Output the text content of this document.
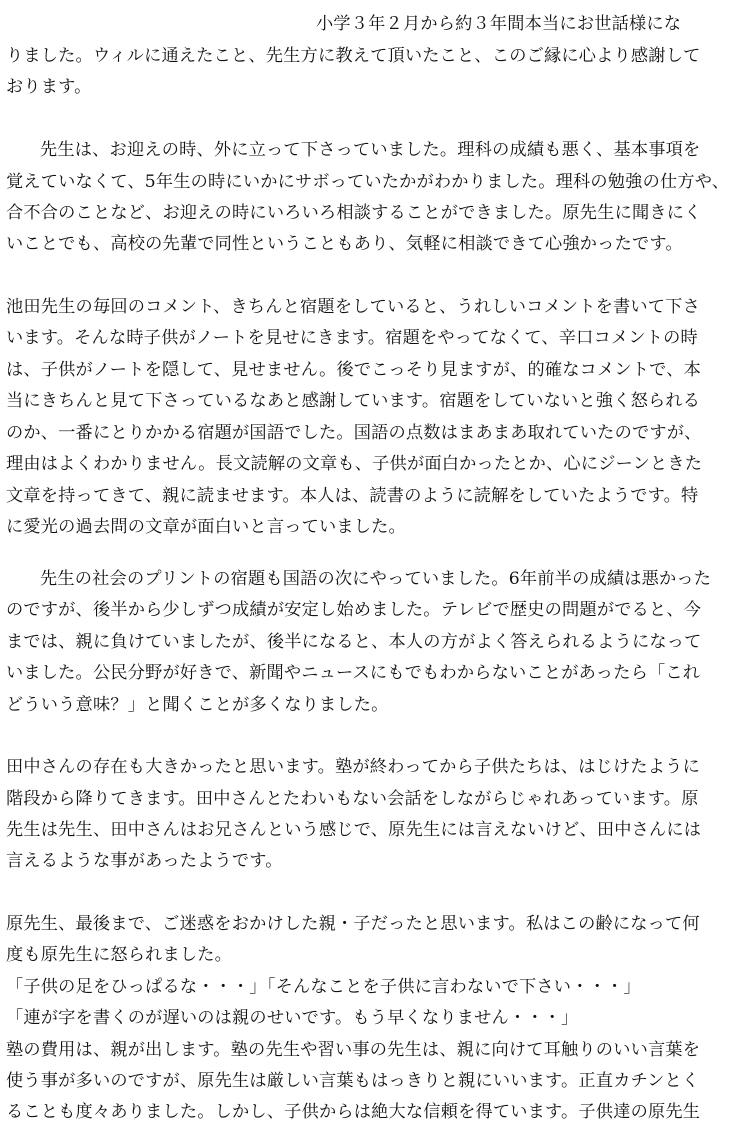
小学３年２月から約３年間本当にお世話様にな
りました。ウィルに通えたこと、先生方に教えて頂いたこと、このご縁に心より感謝して
おります。
先生は、お迎えの時、外に立って下さっていました。理科の成績も悪く、基本事項を
覚えていなくて、5年生の時にいかにサボっていたかがわかりました。理科の勉強の仕方や、
合不合のことなど、お迎えの時にいろいろ相談することができました。原先生に聞きにく
いことでも、高校の先輩で同性ということもあり、気軽に相談できて心強かったです。
池田先生の毎回のコメント、きちんと宿題をしていると、うれしいコメントを書いて下さ
います。そんな時子供がノートを見せにきます。宿題をやってなくて、辛口コメントの時
は、子供がノートを隠して、見せません。後でこっそり見ますが、的確なコメントで、本
当にきちんと見て下さっているなあと感謝しています。宿題をしていないと強く怒られる
のか、一番にとりかかる宿題が国語でした。国語の点数はまあまあ取れていたのですが、
理由はよくわかりません。長文読解の文章も、子供が面白かったとか、心にジーンときた
文章を持ってきて、親に読ませます。本人は、読書のように読解をしていたようです。特
に愛光の過去問の文章が面白いと言っていました。
先生の社会のプリントの宿題も国語の次にやっていました。6年前半の成績は悪かった
のですが、後半から少しずつ成績が安定し始めました。テレビで歴史の問題がでると、今
までは、親に負けていましたが、後半になると、本人の方がよく答えられるようになって
いました。公民分野が好きで、新聞やニュースにもでもわからないことがあったら「これ
どういう意味？」と聞くことが多くなりました。
田中さんの存在も大きかったと思います。塾が終わってから子供たちは、はじけたように
階段から降りてきます。田中さんとたわいもない会話をしながらじゃれあっています。原
先生は先生、田中さんはお兄さんという感じで、原先生には言えないけど、田中さんには
言えるような事があったようです。
原先生、最後まで、ご迷惑をおかけした親・子だったと思います。私はこの齢になって何
度も原先生に怒られました。
「子供の足をひっぱるな・・・」「そんなことを子供に言わないで下さい・・・」
「連が字を書くのが遅いのは親のせいです。もう早くなりません・・・」
塾の費用は、親が出します。塾の先生や習い事の先生は、親に向けて耳触りのいい言葉を
使う事が多いのですが、原先生は厳しい言葉もはっきりと親にいいます。正直カチンとく
ることも度々ありました。しかし、子供からは絶大な信頼を得ています。子供達の原先生
